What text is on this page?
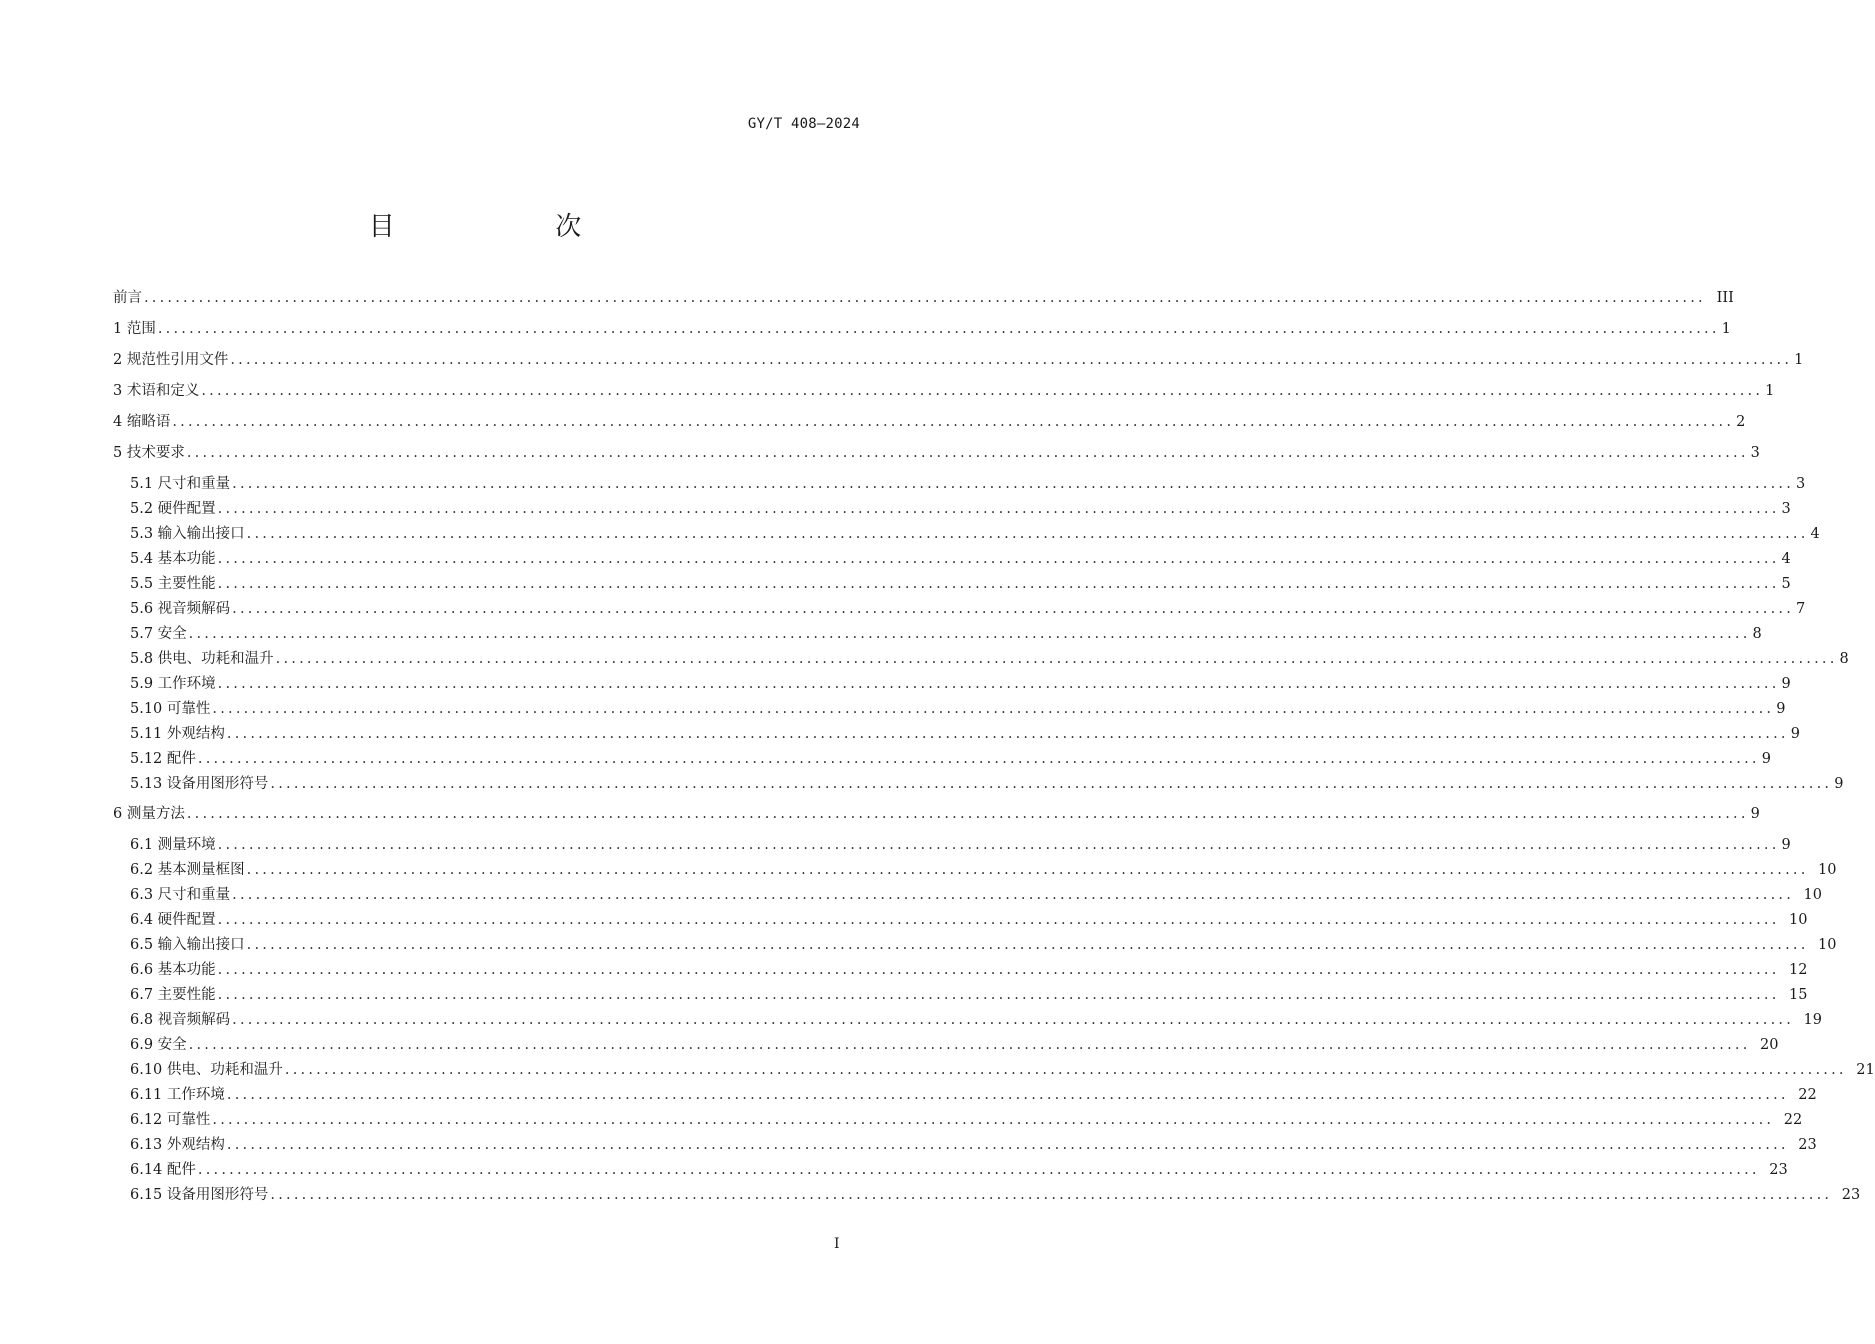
GY/T 408—2024
目  次
前言 ........................................................................................................................................................................................................ III
1 范围 ........................................................................................................................................................................................................ 1
2 规范性引用文件 ........................................................................................................................................................................................................ 1
3 术语和定义 ........................................................................................................................................................................................................ 1
4 缩略语 ........................................................................................................................................................................................................ 2
5 技术要求 ........................................................................................................................................................................................................ 3
5.1 尺寸和重量 ........................................................................................................................................................................................................ 3
5.2 硬件配置 ........................................................................................................................................................................................................ 3
5.3 输入输出接口 ........................................................................................................................................................................................................ 4
5.4 基本功能 ........................................................................................................................................................................................................ 4
5.5 主要性能 ........................................................................................................................................................................................................ 5
5.6 视音频解码 ........................................................................................................................................................................................................ 7
5.7 安全 ........................................................................................................................................................................................................ 8
5.8 供电、功耗和温升 ........................................................................................................................................................................................................ 8
5.9 工作环境 ........................................................................................................................................................................................................ 9
5.10 可靠性 ........................................................................................................................................................................................................ 9
5.11 外观结构 ........................................................................................................................................................................................................ 9
5.12 配件 ........................................................................................................................................................................................................ 9
5.13 设备用图形符号 ........................................................................................................................................................................................................ 9
6 测量方法 ........................................................................................................................................................................................................ 9
6.1 测量环境 ........................................................................................................................................................................................................ 9
6.2 基本测量框图 ........................................................................................................................................................................................................ 10
6.3 尺寸和重量 ........................................................................................................................................................................................................ 10
6.4 硬件配置 ........................................................................................................................................................................................................ 10
6.5 输入输出接口 ........................................................................................................................................................................................................ 10
6.6 基本功能 ........................................................................................................................................................................................................ 12
6.7 主要性能 ........................................................................................................................................................................................................ 15
6.8 视音频解码 ........................................................................................................................................................................................................ 19
6.9 安全 ........................................................................................................................................................................................................ 20
6.10 供电、功耗和温升 ........................................................................................................................................................................................................ 21
6.11 工作环境 ........................................................................................................................................................................................................ 22
6.12 可靠性 ........................................................................................................................................................................................................ 22
6.13 外观结构 ........................................................................................................................................................................................................ 23
6.14 配件 ........................................................................................................................................................................................................ 23
6.15 设备用图形符号 ........................................................................................................................................................................................................ 23
I
